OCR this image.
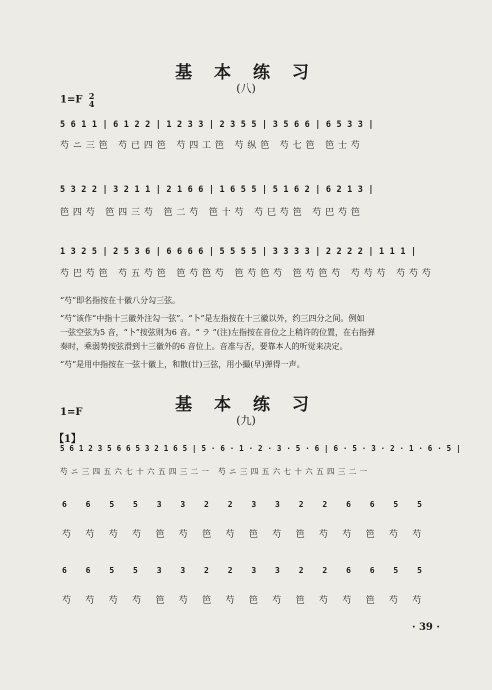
基 本 练 习
(八)
1=F 2
4
5 6 1 1 | 6 1 2 2 | 1 2 3 3 | 2 3 5 5 | 3 5 6 6 | 6 5 3 3 |
芍 ニ 三 笆   芍 已 四 笆   芍 四 工 笆   芍 纵 笆   芍 七 笆   笆 士 芍
5 3 2 2 | 3 2 1 1 | 2 1 6 6 | 1 6 5 5 | 5 1 6 2 | 6 2 1 3 |
笆 四 芍   笆 四 三 芍   笆 二 芍   笆 十 芍   芍 巳 芍 笆   芍 巴 芍 笆
1 3 2 5 | 2 5 3 6 | 6 6 6 6 | 5 5 5 5 | 3 3 3 3 | 2 2 2 2 | 1 1 1 |
芍 巴 芍 笆   芍 五 芍 笆   笆 芍 笆 芍   笆 芍 笆 芍   笆 芍 笆 芍   芍 芍 芍   芍 芍 芍
“芍”即名指按在十徽八分勾三弦。
“芍”该作“中指十三徽外注勾一弦”。“卜”是左指按在十三徽以外，约三四分之间。例如
一弦空弦为5 音，“卜”按弦则为6 音。“ ラ ”(注)左指按在音位之上稍许的位置，在右指弹
奏时，乘弱势按弦滑到十三徽外的6 音位上。音准与否，要靠本人的听觉来决定。
“芍”是用中指按在一弦十徽上，和散(廿)三弦，用小撮(早)弹得一声。
基 本 练 习
(九)
1=F
【1】
5 6 1 2 3 5 6 6 5 3 2 1 6 5 | 5 · 6 · 1 · 2 · 3 · 5 · 6 | 6 · 5 · 3 · 2 · 1 · 6 · 5 |
芍 ニ 三 四 五 六 七 十 六 五 四 三 二 一   芍 ニ 三 四 五 六 七 十 六 五 四 三 二 一
6 6 5 5 3 3 2 2 3 3 2 2 6 6 5 5
芍 芍 芍 芍 笆 芍 笆 芍 笆 芍 笆 芍 芍 笆 芍 芍
6 6 5 5 3 3 2 2 3 3 2 2 6 6 5 5
芍 芍 芍 芍 笆 芍 笆 芍 笆 芍 笆 芍 芍 笆 芍 芍
· 39 ·
